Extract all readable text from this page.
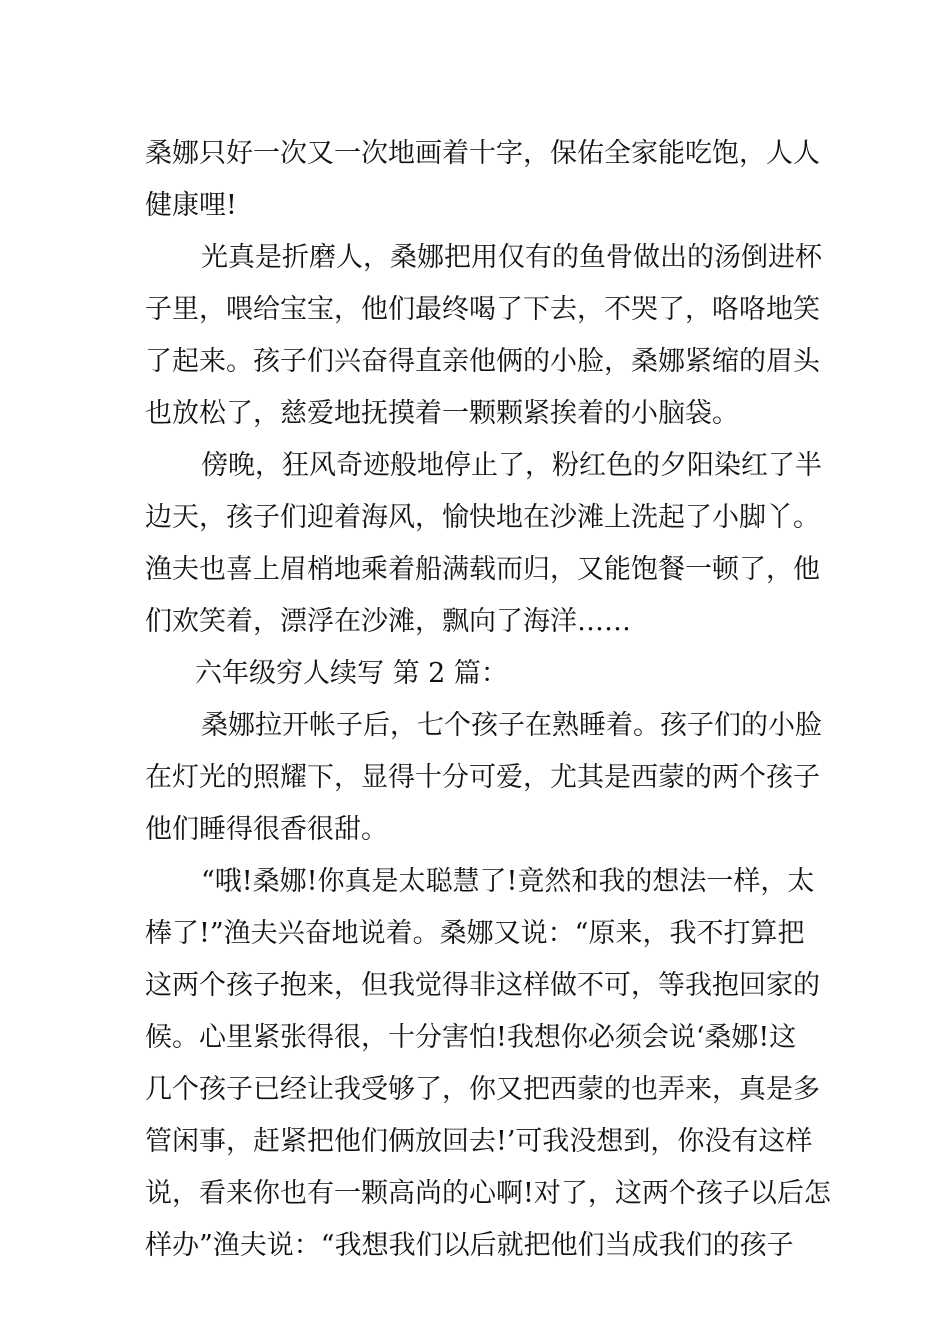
桑娜只好一次又一次地画着十字，保佑全家能吃饱，人人
健康哩!
光真是折磨人，桑娜把用仅有的鱼骨做出的汤倒进杯
子里，喂给宝宝，他们最终喝了下去，不哭了，咯咯地笑
了起来。孩子们兴奋得直亲他俩的小脸，桑娜紧缩的眉头
也放松了，慈爱地抚摸着一颗颗紧挨着的小脑袋。
傍晚，狂风奇迹般地停止了，粉红色的夕阳染红了半
边天，孩子们迎着海风，愉快地在沙滩上洗起了小脚丫。
渔夫也喜上眉梢地乘着船满载而归，又能饱餐一顿了，他
们欢笑着，漂浮在沙滩，飘向了海洋……
六年级穷人续写 第 2 篇：
桑娜拉开帐子后，七个孩子在熟睡着。孩子们的小脸
在灯光的照耀下，显得十分可爱，尤其是西蒙的两个孩子
他们睡得很香很甜。
“哦!桑娜!你真是太聪慧了!竟然和我的想法一样，太
棒了!”渔夫兴奋地说着。桑娜又说：“原来，我不打算把
这两个孩子抱来，但我觉得非这样做不可，等我抱回家的
候。心里紧张得很，十分害怕!我想你必须会说‘桑娜!这
几个孩子已经让我受够了，你又把西蒙的也弄来，真是多
管闲事，赶紧把他们俩放回去!’可我没想到，你没有这样
说，看来你也有一颗高尚的心啊!对了，这两个孩子以后怎
样办”渔夫说：“我想我们以后就把他们当成我们的孩子
